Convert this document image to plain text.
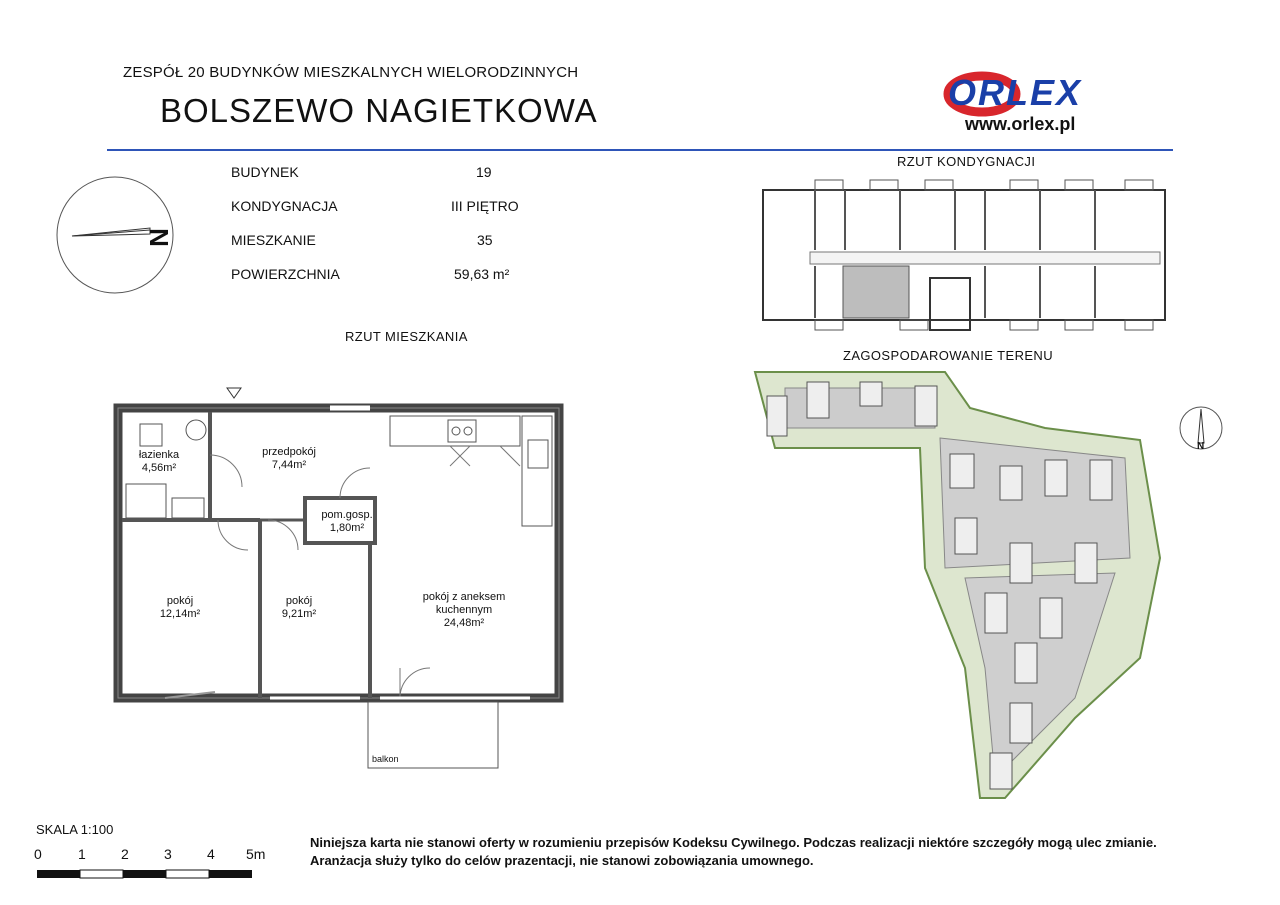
ZESPÓŁ 20 BUDYNKÓW MIESZKALNYCH WIELORODZINNYCH
BOLSZEWO NAGIETKOWA	ORLEX
www.orlex.pl
N
BUDYNEK	19
KONDYGNACJA	III PIĘTRO
MIESZKANIE	35
POWIERZCHNIA	59,63 m²
RZUT MIESZKANIA
RZUT KONDYGNACJI
ZAGOSPODAROWANIE TERENU
łazienka
4,56m²
przedpokój
7,44m²
pom.gosp.
1,80m²
pokój
12,14m²
pokój
9,21m²
pokój z aneksem
kuchennym
24,48m²
balkon
N
SKALA 1:100
0	1	2	3	4 5m
Niniejsza karta nie stanowi oferty w rozumieniu przepisów Kodeksu Cywilnego. Podczas realizacji niektóre szczegóły mogą ulec zmianie.
Aranżacja służy tylko do celów prazentacji, nie stanowi zobowiązania umownego.
